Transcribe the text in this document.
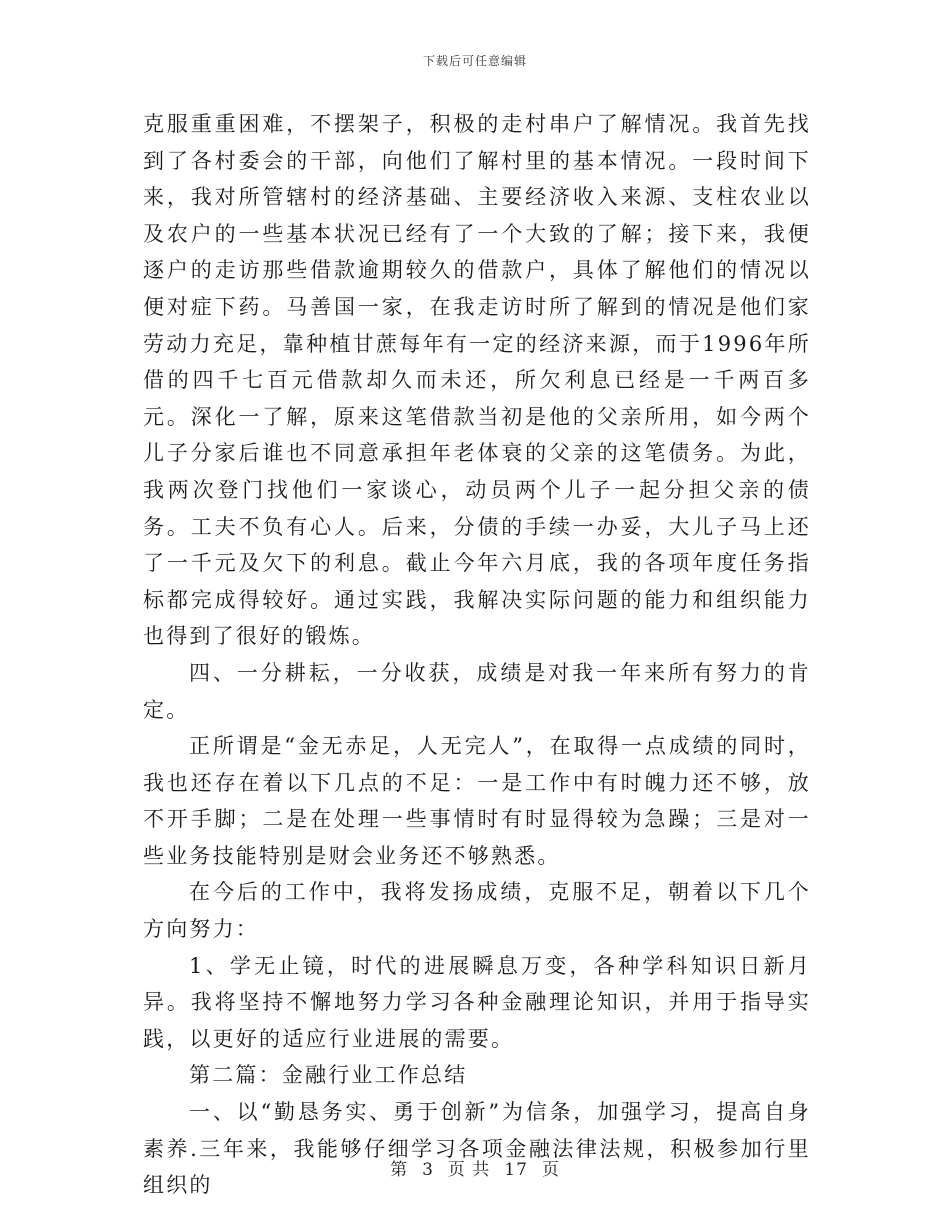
下载后可任意编辑

克服重重困难，不摆架子，积极的走村串户了解情况。我首先找到了各村委会的干部，向他们了解村里的基本情况。一段时间下来，我对所管辖村的经济基础、主要经济收入来源、支柱农业以及农户的一些基本状况已经有了一个大致的了解；接下来，我便逐户的走访那些借款逾期较久的借款户，具体了解他们的情况以便对症下药。马善国一家，在我走访时所了解到的情况是他们家劳动力充足，靠种植甘蔗每年有一定的经济来源，而于1996年所借的四千七百元借款却久而未还，所欠利息已经是一千两百多元。深化一了解，原来这笔借款当初是他的父亲所用，如今两个儿子分家后谁也不同意承担年老体衰的父亲的这笔债务。为此，我两次登门找他们一家谈心，动员两个儿子一起分担父亲的债务。工夫不负有心人。后来，分债的手续一办妥，大儿子马上还了一千元及欠下的利息。截止今年六月底，我的各项年度任务指标都完成得较好。通过实践，我解决实际问题的能力和组织能力也得到了很好的锻炼。

四、一分耕耘，一分收获，成绩是对我一年来所有努力的肯定。

正所谓是“金无赤足，人无完人”，在取得一点成绩的同时，我也还存在着以下几点的不足：一是工作中有时魄力还不够，放不开手脚；二是在处理一些事情时有时显得较为急躁；三是对一些业务技能特别是财会业务还不够熟悉。

在今后的工作中，我将发扬成绩，克服不足，朝着以下几个方向努力：

1、学无止镜，时代的进展瞬息万变，各种学科知识日新月异。我将坚持不懈地努力学习各种金融理论知识，并用于指导实践，以更好的适应行业进展的需要。

第二篇：金融行业工作总结

一、以“勤恳务实、勇于创新”为信条，加强学习，提高自身素养.三年来，我能够仔细学习各项金融法律法规，积极参加行里组织的

第 3 页 共 17 页
